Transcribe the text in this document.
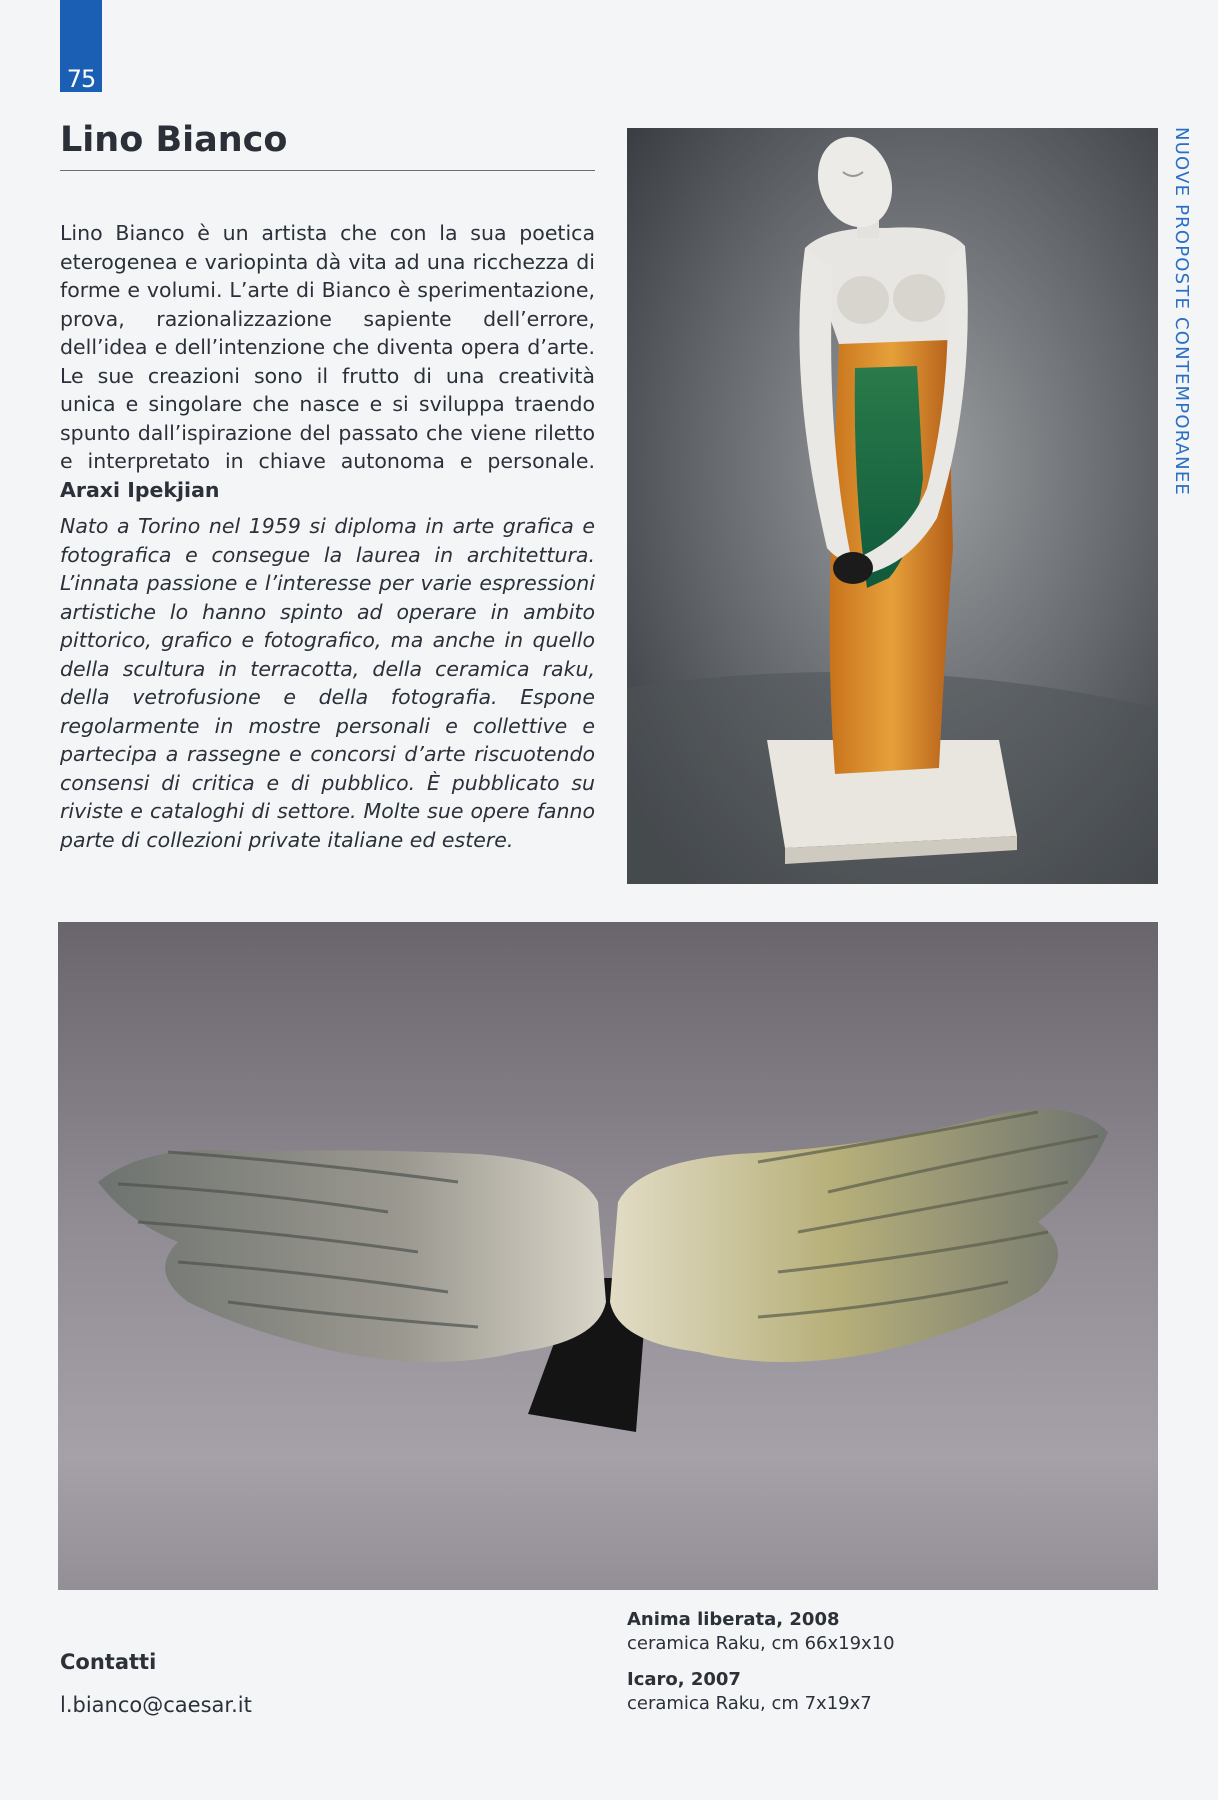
75
Lino Bianco

Lino Bianco è un artista che con la sua poetica eterogenea e variopinta dà vita ad una ricchezza di forme e volumi. L’arte di Bianco è sperimentazione, prova, razionalizzazione sapiente dell’errore, dell’idea e dell’intenzione che diventa opera d’arte. Le sue creazioni sono il frutto di una creatività unica e singolare che nasce e si sviluppa traendo spunto dall’ispirazione del passato che viene riletto e interpretato in chiave autonoma e personale. Araxi Ipekjian

Nato a Torino nel 1959 si diploma in arte grafica e fotografica e consegue la laurea in architettura. L’innata passione e l’interesse per varie espressioni artistiche lo hanno spinto ad operare in ambito pittorico, grafico e fotografico, ma anche in quello della scultura in terracotta, della ceramica raku, della vetrofusione e della fotografia. Espone regolarmente in mostre personali e collettive e partecipa a rassegne e concorsi d’arte riscuotendo consensi di critica e di pubblico. È pubblicato su riviste e cataloghi di settore. Molte sue opere fanno parte di collezioni private italiane ed estere.

NUOVE PROPOSTE CONTEMPORANEE
Anima liberata, 2008
ceramica Raku, cm 66x19x10
Icaro, 2007
ceramica Raku, cm 7x19x7
Contatti
l.bianco@caesar.it
